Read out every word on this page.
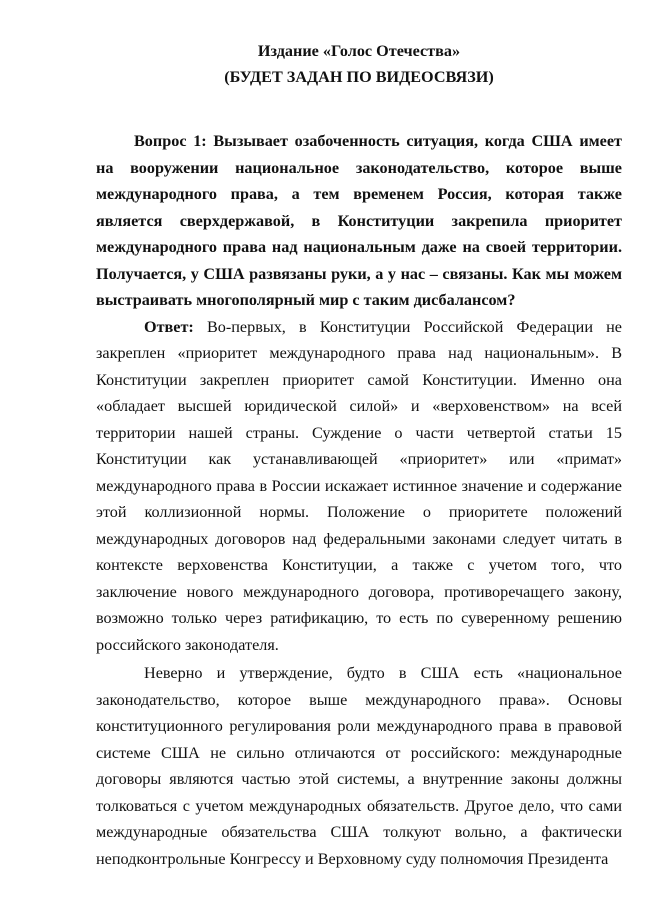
Издание «Голос Отечества»
(БУДЕТ ЗАДАН ПО ВИДЕОСВЯЗИ)

Вопрос 1: Вызывает озабоченность ситуация, когда США имеет на вооружении национальное законодательство, которое выше международного права, а тем временем Россия, которая также является сверхдержавой, в Конституции закрепила приоритет международного права над национальным даже на своей территории. Получается, у США развязаны руки, а у нас – связаны. Как мы можем выстраивать многополярный мир с таким дисбалансом?

Ответ: Во-первых, в Конституции Российской Федерации не закреплен «приоритет международного права над национальным». В Конституции закреплен приоритет самой Конституции. Именно она «обладает высшей юридической силой» и «верховенством» на всей территории нашей страны. Суждение о части четвертой статьи 15 Конституции как устанавливающей «приоритет» или «примат» международного права в России искажает истинное значение и содержание этой коллизионной нормы. Положение о приоритете положений международных договоров над федеральными законами следует читать в контексте верховенства Конституции, а также с учетом того, что заключение нового международного договора, противоречащего закону, возможно только через ратификацию, то есть по суверенному решению российского законодателя.

Неверно и утверждение, будто в США есть «национальное законодательство, которое выше международного права». Основы конституционного регулирования роли международного права в правовой системе США не сильно отличаются от российского: международные договоры являются частью этой системы, а внутренние законы должны толковаться с учетом международных обязательств. Другое дело, что сами международные обязательства США толкуют вольно, а фактически неподконтрольные Конгрессу и Верховному суду полномочия Президента
